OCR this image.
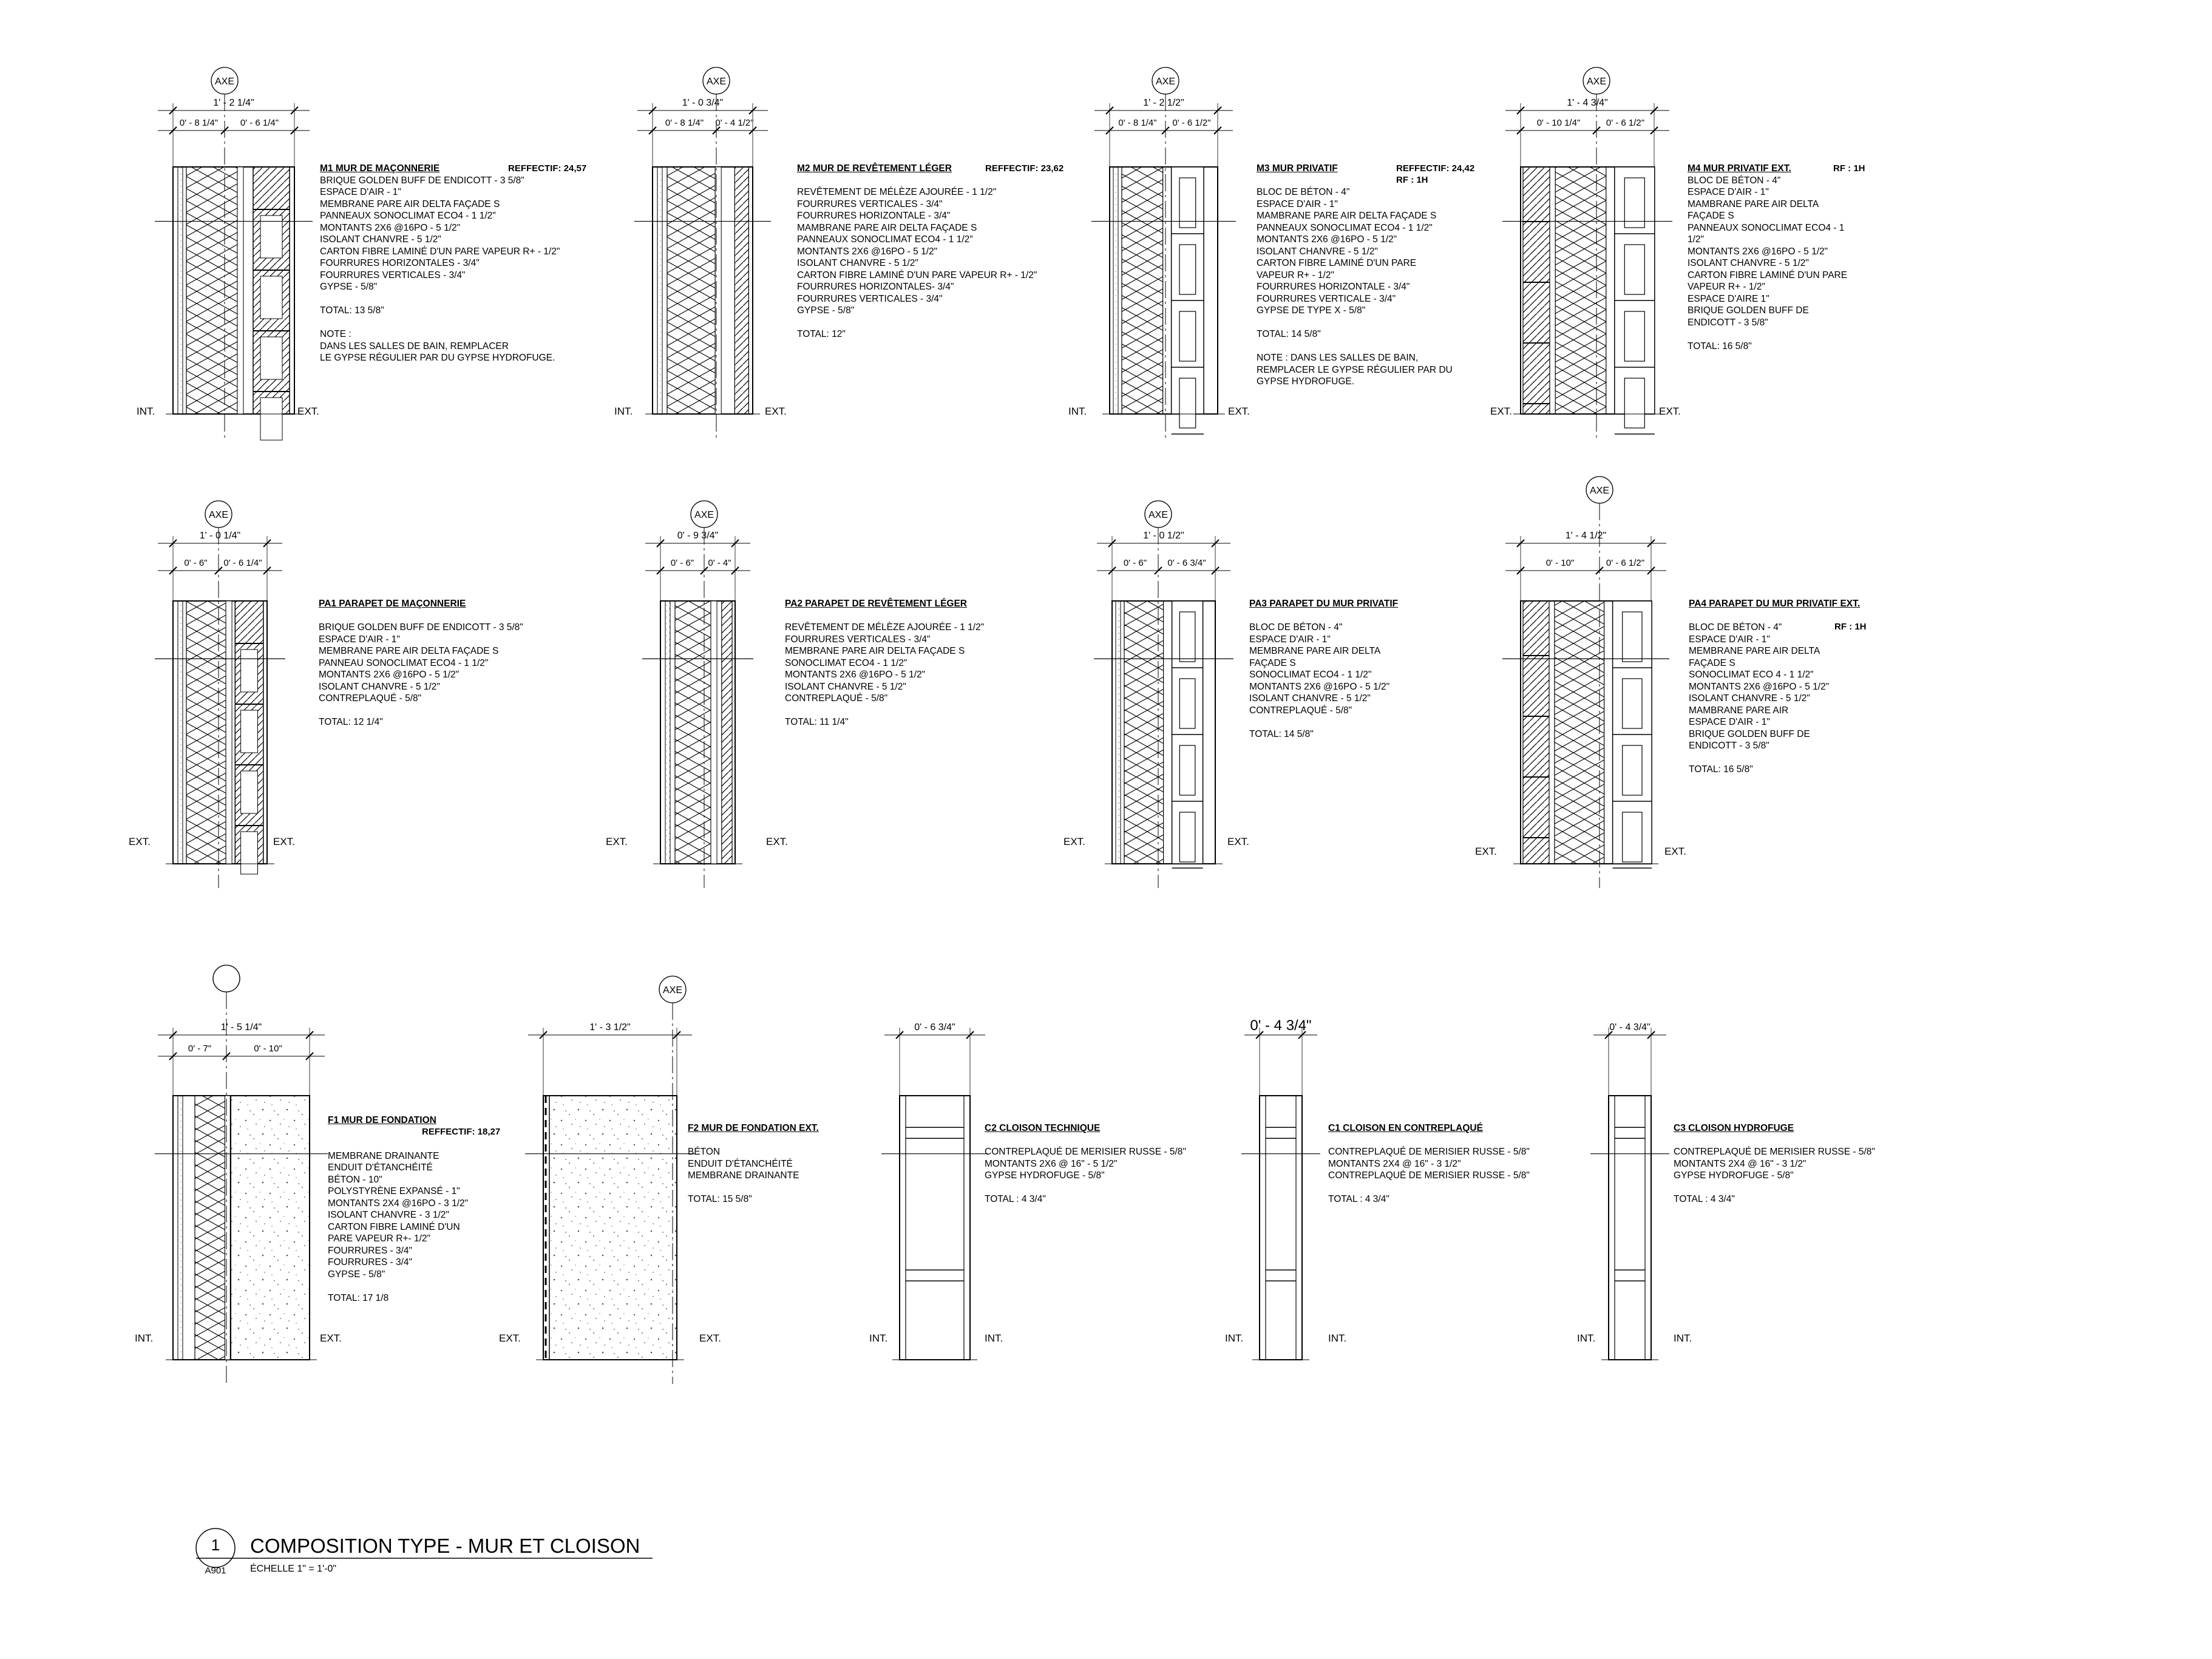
AXE
1' - 2 1/4"
0' - 8 1/4" 0' - 6 1/4"
INT.	EXT.
AXE
1' - 0 3/4"
0' - 8 1/4" 0' - 4 1/2"
INT.	EXT.
AXE
1' - 2 1/2"
0' - 8 1/4" 0' - 6 1/2"
INT.	EXT.
AXE
1' - 4 3/4"
0' - 10 1/4"	0' - 6 1/2"
EXT.	EXT.
AXE
1' - 0 1/4"
0' - 6" 0' - 6 1/4"
EXT.	EXT.
AXE
0' - 9 3/4"
0' - 6" 0' - 4"
EXT.	EXT.
AXE
1' - 0 1/2"
0' - 6" 0' - 6 3/4"
EXT.	EXT.
AXE
1' - 4 1/2"
0' - 10"	0' - 6 1/2"
EXT.	EXT.
1' - 5 1/4"
0' - 7"	0' - 10"
INT.	EXT.
AXE
1' - 3 1/2"
EXT.	EXT.
0' - 6 3/4"
INT.	INT.
0' - 4 3/4"
INT.	INT.
0' - 4 3/4"
INT.	INT.
M1 MUR DE MAÇONNERIE	REFFECTIF: 24,57
BRIQUE GOLDEN BUFF DE ENDICOTT - 3 5/8"
ESPACE D'AIR - 1"
MEMBRANE PARE AIR DELTA FAÇADE S
PANNEAUX SONOCLIMAT ECO4 - 1 1/2"
MONTANTS 2X6 @16PO - 5 1/2"
ISOLANT CHANVRE - 5 1/2"
CARTON FIBRE LAMINÉ D'UN PARE VAPEUR R+ - 1/2"
FOURRURES HORIZONTALES - 3/4"
FOURRURES VERTICALES - 3/4"
GYPSE - 5/8"

TOTAL: 13 5/8"

NOTE :
DANS LES SALLES DE BAIN, REMPLACER
LE GYPSE RÉGULIER PAR DU GYPSE HYDROFUGE.
M2 MUR DE REVÊTEMENT LÉGER	REFFECTIF: 23,62

REVÊTEMENT DE MÉLÈZE AJOURÉE - 1 1/2"
FOURRURES VERTICALES - 3/4"
FOURRURES HORIZONTALE - 3/4"
MAMBRANE PARE AIR DELTA FAÇADE S
PANNEAUX SONOCLIMAT ECO4 - 1 1/2"
MONTANTS 2X6 @16PO - 5 1/2"
ISOLANT CHANVRE - 5 1/2"
CARTON FIBRE LAMINÉ D'UN PARE VAPEUR R+ - 1/2"
FOURRURES HORIZONTALES- 3/4"
FOURRURES VERTICALES - 3/4"
GYPSE - 5/8"

TOTAL: 12"
M3 MUR PRIVATIF	REFFECTIF: 24,42
RF : 1H

BLOC DE BÉTON - 4"
ESPACE D'AIR - 1"
MAMBRANE PARE AIR DELTA FAÇADE S
PANNEAUX SONOCLIMAT ECO4 - 1 1/2"
MONTANTS 2X6 @16PO - 5 1/2"
ISOLANT CHANVRE - 5 1/2"
CARTON FIBRE LAMINÉ D'UN PARE
VAPEUR R+ - 1/2"
FOURRURES HORIZONTALE - 3/4"
FOURRURES VERTICALE - 3/4"
GYPSE DE TYPE X - 5/8"

TOTAL: 14 5/8"

NOTE : DANS LES SALLES DE BAIN,
REMPLACER LE GYPSE RÉGULIER PAR DU
GYPSE HYDROFUGE.
M4 MUR PRIVATIF EXT.	RF : 1H
BLOC DE BÉTON - 4"
ESPACE D'AIR - 1"
MAMBRANE PARE AIR DELTA
FAÇADE S
PANNEAUX SONOCLIMAT ECO4 - 1
1/2"
MONTANTS 2X6 @16PO - 5 1/2"
ISOLANT CHANVRE - 5 1/2"
CARTON FIBRE LAMINÉ D'UN PARE
VAPEUR R+ - 1/2"
ESPACE D'AIRE 1"
BRIQUE GOLDEN BUFF DE
ENDICOTT - 3 5/8"

TOTAL: 16 5/8"
PA1 PARAPET DE MAÇONNERIE

BRIQUE GOLDEN BUFF DE ENDICOTT - 3 5/8"
ESPACE D'AIR - 1"
MEMBRANE PARE AIR DELTA FAÇADE S
PANNEAU SONOCLIMAT ECO4 - 1 1/2"
MONTANTS 2X6 @16PO - 5 1/2"
ISOLANT CHANVRE - 5 1/2"
CONTREPLAQUÉ - 5/8"

TOTAL: 12 1/4"
PA2 PARAPET DE REVÊTEMENT LÉGER

REVÊTEMENT DE MÉLÈZE AJOURÉE - 1 1/2"
FOURRURES VERTICALES - 3/4"
MEMBRANE PARE AIR DELTA FAÇADE S
SONOCLIMAT ECO4 - 1 1/2"
MONTANTS 2X6 @16PO - 5 1/2"
ISOLANT CHANVRE - 5 1/2"
CONTREPLAQUÉ - 5/8"

TOTAL: 11 1/4"
PA3 PARAPET DU MUR PRIVATIF

BLOC DE BÉTON - 4"
ESPACE D'AIR - 1"
MEMBRANE PARE AIR DELTA
FAÇADE S
SONOCLIMAT ECO4 - 1 1/2"
MONTANTS 2X6 @16PO - 5 1/2"
ISOLANT CHANVRE - 5 1/2"
CONTREPLAQUÉ - 5/8"

TOTAL: 14 5/8"
PA4 PARAPET DU MUR PRIVATIF EXT.
RF : 1H

BLOC DE BÉTON - 4"
ESPACE D'AIR - 1"
MEMBRANE PARE AIR DELTA
FAÇADE S
SONOCLIMAT ECO 4 - 1 1/2"
MONTANTS 2X6 @16PO - 5 1/2"
ISOLANT CHANVRE - 5 1/2"
MAMBRANE PARE AIR
ESPACE D'AIR - 1"
BRIQUE GOLDEN BUFF DE
ENDICOTT - 3 5/8"

TOTAL: 16 5/8"
F1 MUR DE FONDATION
REFFECTIF: 18,27

MEMBRANE DRAINANTE
ENDUIT D'ÉTANCHÉITÉ
BÉTON - 10"
POLYSTYRÈNE EXPANSÉ - 1"
MONTANTS 2X4 @16PO - 3 1/2"
ISOLANT CHANVRE - 3 1/2"
CARTON FIBRE LAMINÉ D'UN
PARE VAPEUR R+- 1/2"
FOURRURES - 3/4"
FOURRURES - 3/4"
GYPSE - 5/8"

TOTAL: 17 1/8
F2 MUR DE FONDATION EXT.

BÉTON
ENDUIT D'ÉTANCHÉITÉ
MEMBRANE DRAINANTE

TOTAL: 15 5/8"
C2 CLOISON TECHNIQUE

CONTREPLAQUÉ DE MERISIER RUSSE - 5/8"
MONTANTS 2X6 @ 16" - 5 1/2"
GYPSE HYDROFUGE - 5/8"

TOTAL : 4 3/4"
C1 CLOISON EN CONTREPLAQUÉ

CONTREPLAQUÉ DE MERISIER RUSSE - 5/8"
MONTANTS 2X4 @ 16" - 3 1/2"
CONTREPLAQUÉ DE MERISIER RUSSE - 5/8"

TOTAL : 4 3/4"
C3 CLOISON HYDROFUGE

CONTREPLAQUÉ DE MERISIER RUSSE - 5/8"
MONTANTS 2X4 @ 16" - 3 1/2"
GYPSE HYDROFUGE - 5/8"

TOTAL : 4 3/4"
1
A901
COMPOSITION TYPE - MUR ET CLOISON
ÉCHELLE 1" = 1'-0"
